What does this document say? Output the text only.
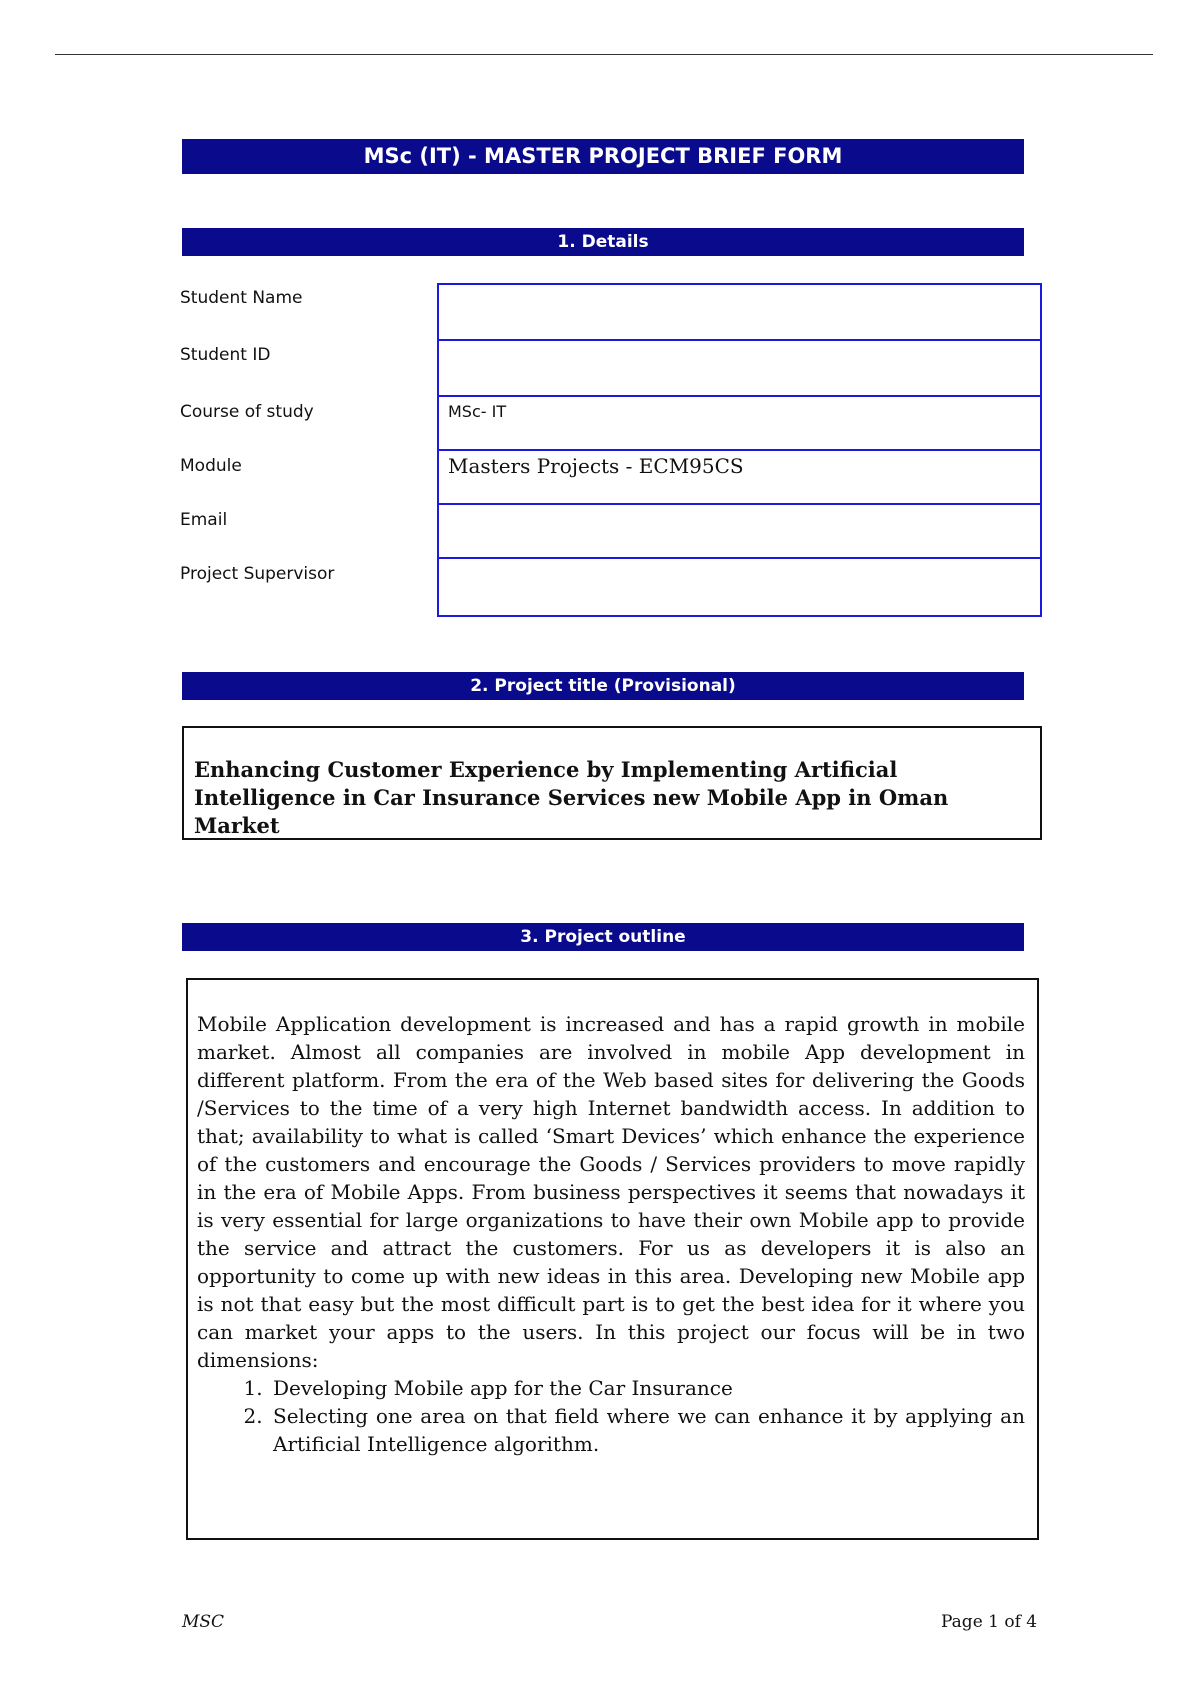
MSc (IT) - MASTER PROJECT BRIEF FORM
1. Details
Student Name
Student ID
Course of study	MSc- IT
Module	Masters Projects - ECM95CS
Email
Project Supervisor
2. Project title (Provisional)
Enhancing Customer Experience by Implementing Artificial Intelligence in Car Insurance Services new Mobile App in Oman Market
3. Project outline

Mobile Application development is increased and has a rapid growth in mobile market. Almost all companies are involved in mobile App development in different platform. From the era of the Web based sites for delivering the Goods /Services to the time of a very high Internet bandwidth access. In addition to that; availability to what is called ‘Smart Devices’ which enhance the experience of the customers and encourage the Goods / Services providers to move rapidly in the era of Mobile Apps. From business perspectives it seems that nowadays it is very essential for large organizations to have their own Mobile app to provide the service and attract the customers. For us as developers it is also an opportunity to come up with new ideas in this area. Developing new Mobile app is not that easy but the most difficult part is to get the best idea for it where you can market your apps to the users. In this project our focus will be in two dimensions:

1. Developing Mobile app for the Car Insurance
2. Selecting one area on that field where we can enhance it by applying an Artificial Intelligence algorithm.
MSC	Page 1 of 4
